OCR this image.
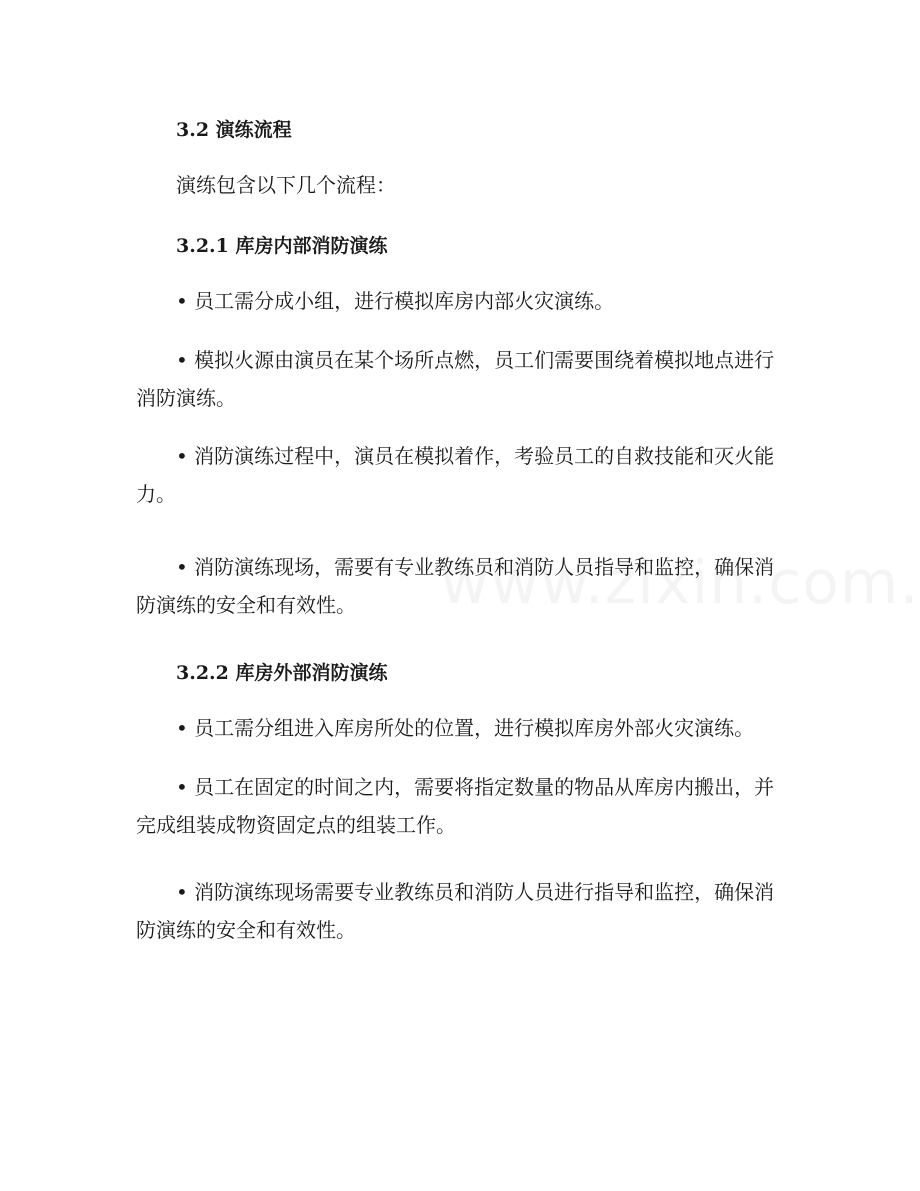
3.2 演练流程
演练包含以下几个流程：
3.2.1 库房内部消防演练
• 员工需分成小组，进行模拟库房内部火灾演练。
• 模拟火源由演员在某个场所点燃，员工们需要围绕着模拟地点进行消防演练。
• 消防演练过程中，演员在模拟着作，考验员工的自救技能和灭火能力。
• 消防演练现场，需要有专业教练员和消防人员指导和监控，确保消防演练的安全和有效性。
3.2.2 库房外部消防演练
• 员工需分组进入库房所处的位置，进行模拟库房外部火灾演练。
• 员工在固定的时间之内，需要将指定数量的物品从库房内搬出，并完成组装成物资固定点的组装工作。
• 消防演练现场需要专业教练员和消防人员进行指导和监控，确保消防演练的安全和有效性。
